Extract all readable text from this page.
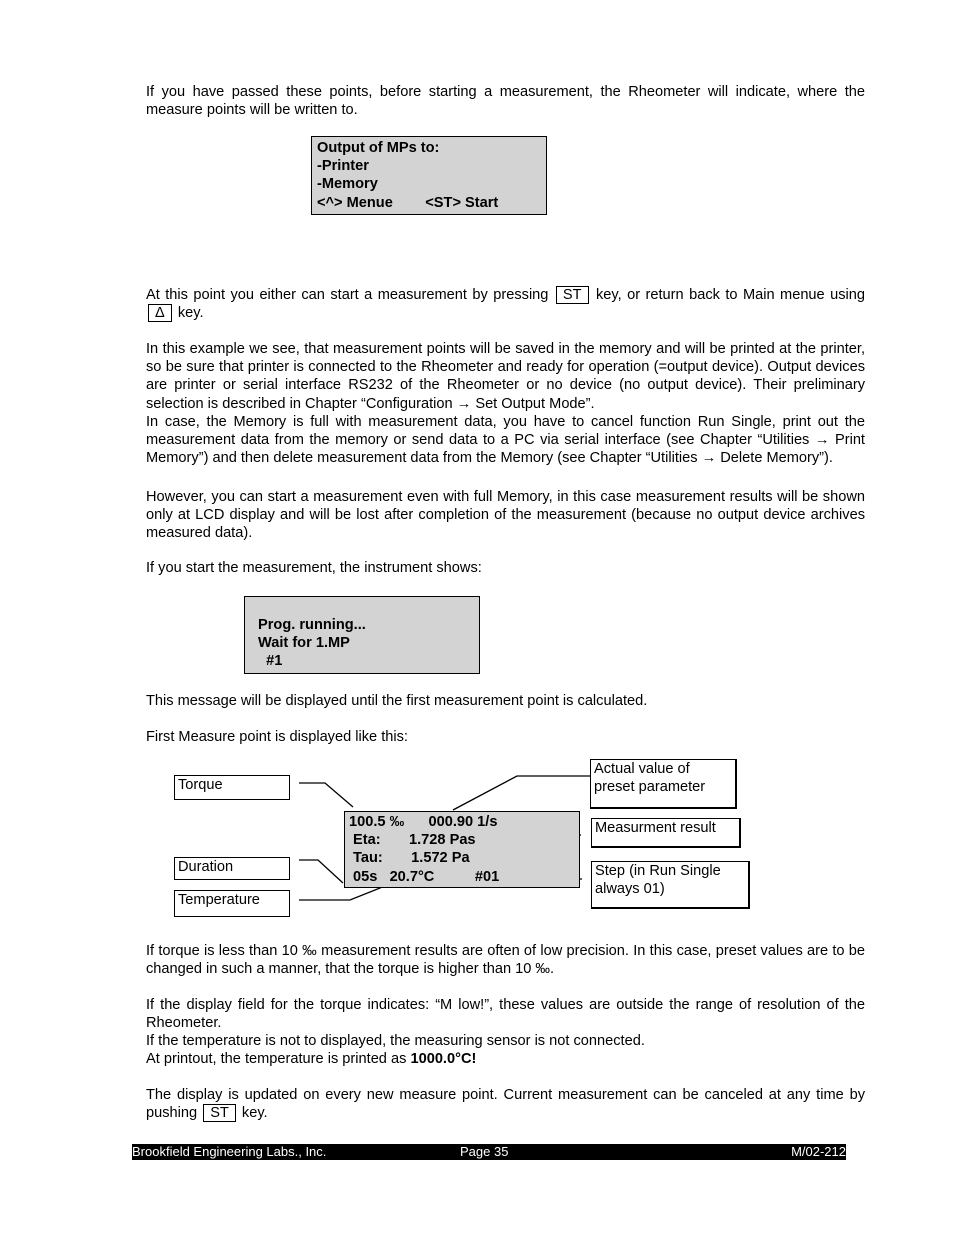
If you have passed these points, before starting a measurement, the Rheometer will indicate, where the measure points will be written to.

Output of MPs to:
-Printer
-Memory
<^> Menue        <ST> Start

At this point you either can start a measurement by pressing ST key, or return back to Main menue using Δ key.

In this example we see, that measurement points will be saved in the memory and will be printed at the printer, so be sure that printer is connected to the Rheometer and ready for operation (=output device). Output devices are printer or serial interface RS232 of the Rheometer or no device (no output device). Their preliminary selection is described in Chapter “Configuration → Set Output Mode”.

In case, the Memory is full with measurement data, you have to cancel function Run Single, print out the measurement data from the memory or send data to a PC via serial interface (see Chapter “Utilities → Print Memory”) and then delete measurement data from the Memory (see Chapter “Utilities → Delete Memory”).

However, you can start a measurement even with full Memory, in this case measurement results will be shown only at LCD display and will be lost after completion of the measurement (because no output device archives measured data).

If you start the measurement, the instrument shows:

Prog. running...
Wait for 1.MP
#1

This message will be displayed until the first measurement point is calculated.

First Measure point is displayed like this:

100.5 ‰      000.90 1/s
Eta:       1.728 Pas
Tau:       1.572 Pa
05s   20.7°C          #01
Torque
Duration
Temperature
Actual value of preset parameter
Measurment result
Step (in Run Single always 01)

If torque is less than 10 ‰ measurement results are often of low precision. In this case, preset values are to be changed in such a manner, that the torque is higher than 10 ‰.

If the display field for the torque indicates: “M low!”, these values are outside the range of resolution of the Rheometer.

If the temperature is not to displayed, the measuring sensor is not connected.

At printout, the temperature is printed as 1000.0°C!

The display is updated on every new measure point. Current measurement can be canceled at any time by pushing ST key.

Brookfield Engineering Labs., Inc.	Page 35	M/02-212
